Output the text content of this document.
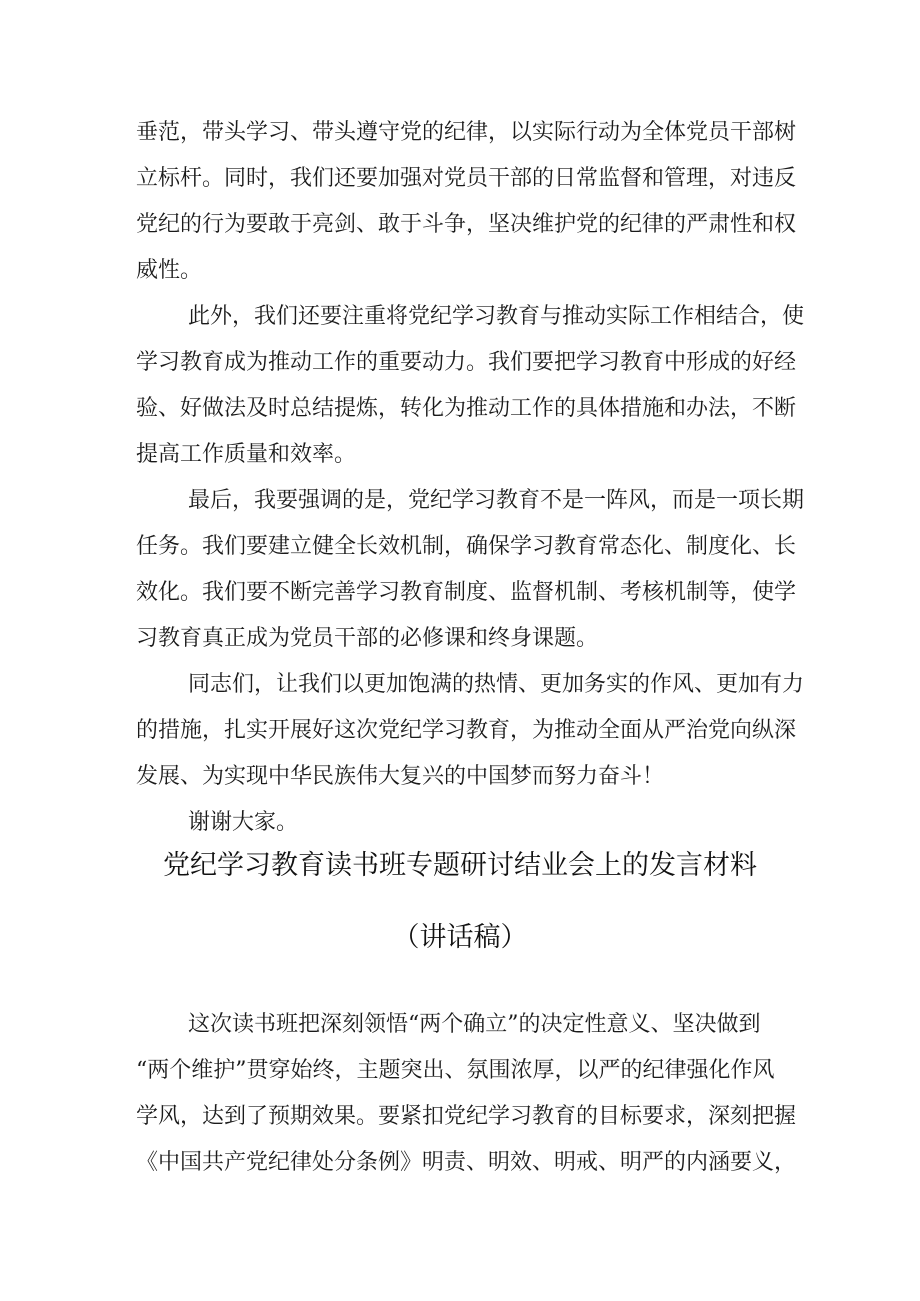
垂范，带头学习、带头遵守党的纪律，以实际行动为全体党员干部树

立标杆。同时，我们还要加强对党员干部的日常监督和管理，对违反

党纪的行为要敢于亮剑、敢于斗争，坚决维护党的纪律的严肃性和权

威性。

此外，我们还要注重将党纪学习教育与推动实际工作相结合，使

学习教育成为推动工作的重要动力。我们要把学习教育中形成的好经

验、好做法及时总结提炼，转化为推动工作的具体措施和办法，不断

提高工作质量和效率。

最后，我要强调的是，党纪学习教育不是一阵风，而是一项长期

任务。我们要建立健全长效机制，确保学习教育常态化、制度化、长

效化。我们要不断完善学习教育制度、监督机制、考核机制等，使学

习教育真正成为党员干部的必修课和终身课题。

同志们，让我们以更加饱满的热情、更加务实的作风、更加有力

的措施，扎实开展好这次党纪学习教育，为推动全面从严治党向纵深

发展、为实现中华民族伟大复兴的中国梦而努力奋斗！

谢谢大家。

党纪学习教育读书班专题研讨结业会上的发言材料
（讲话稿）

这次读书班把深刻领悟“两个确立”的决定性意义、坚决做到

“两个维护”贯穿始终，主题突出、氛围浓厚，以严的纪律强化作风

学风，达到了预期效果。要紧扣党纪学习教育的目标要求，深刻把握

《中国共产党纪律处分条例》明责、明效、明戒、明严的内涵要义，
